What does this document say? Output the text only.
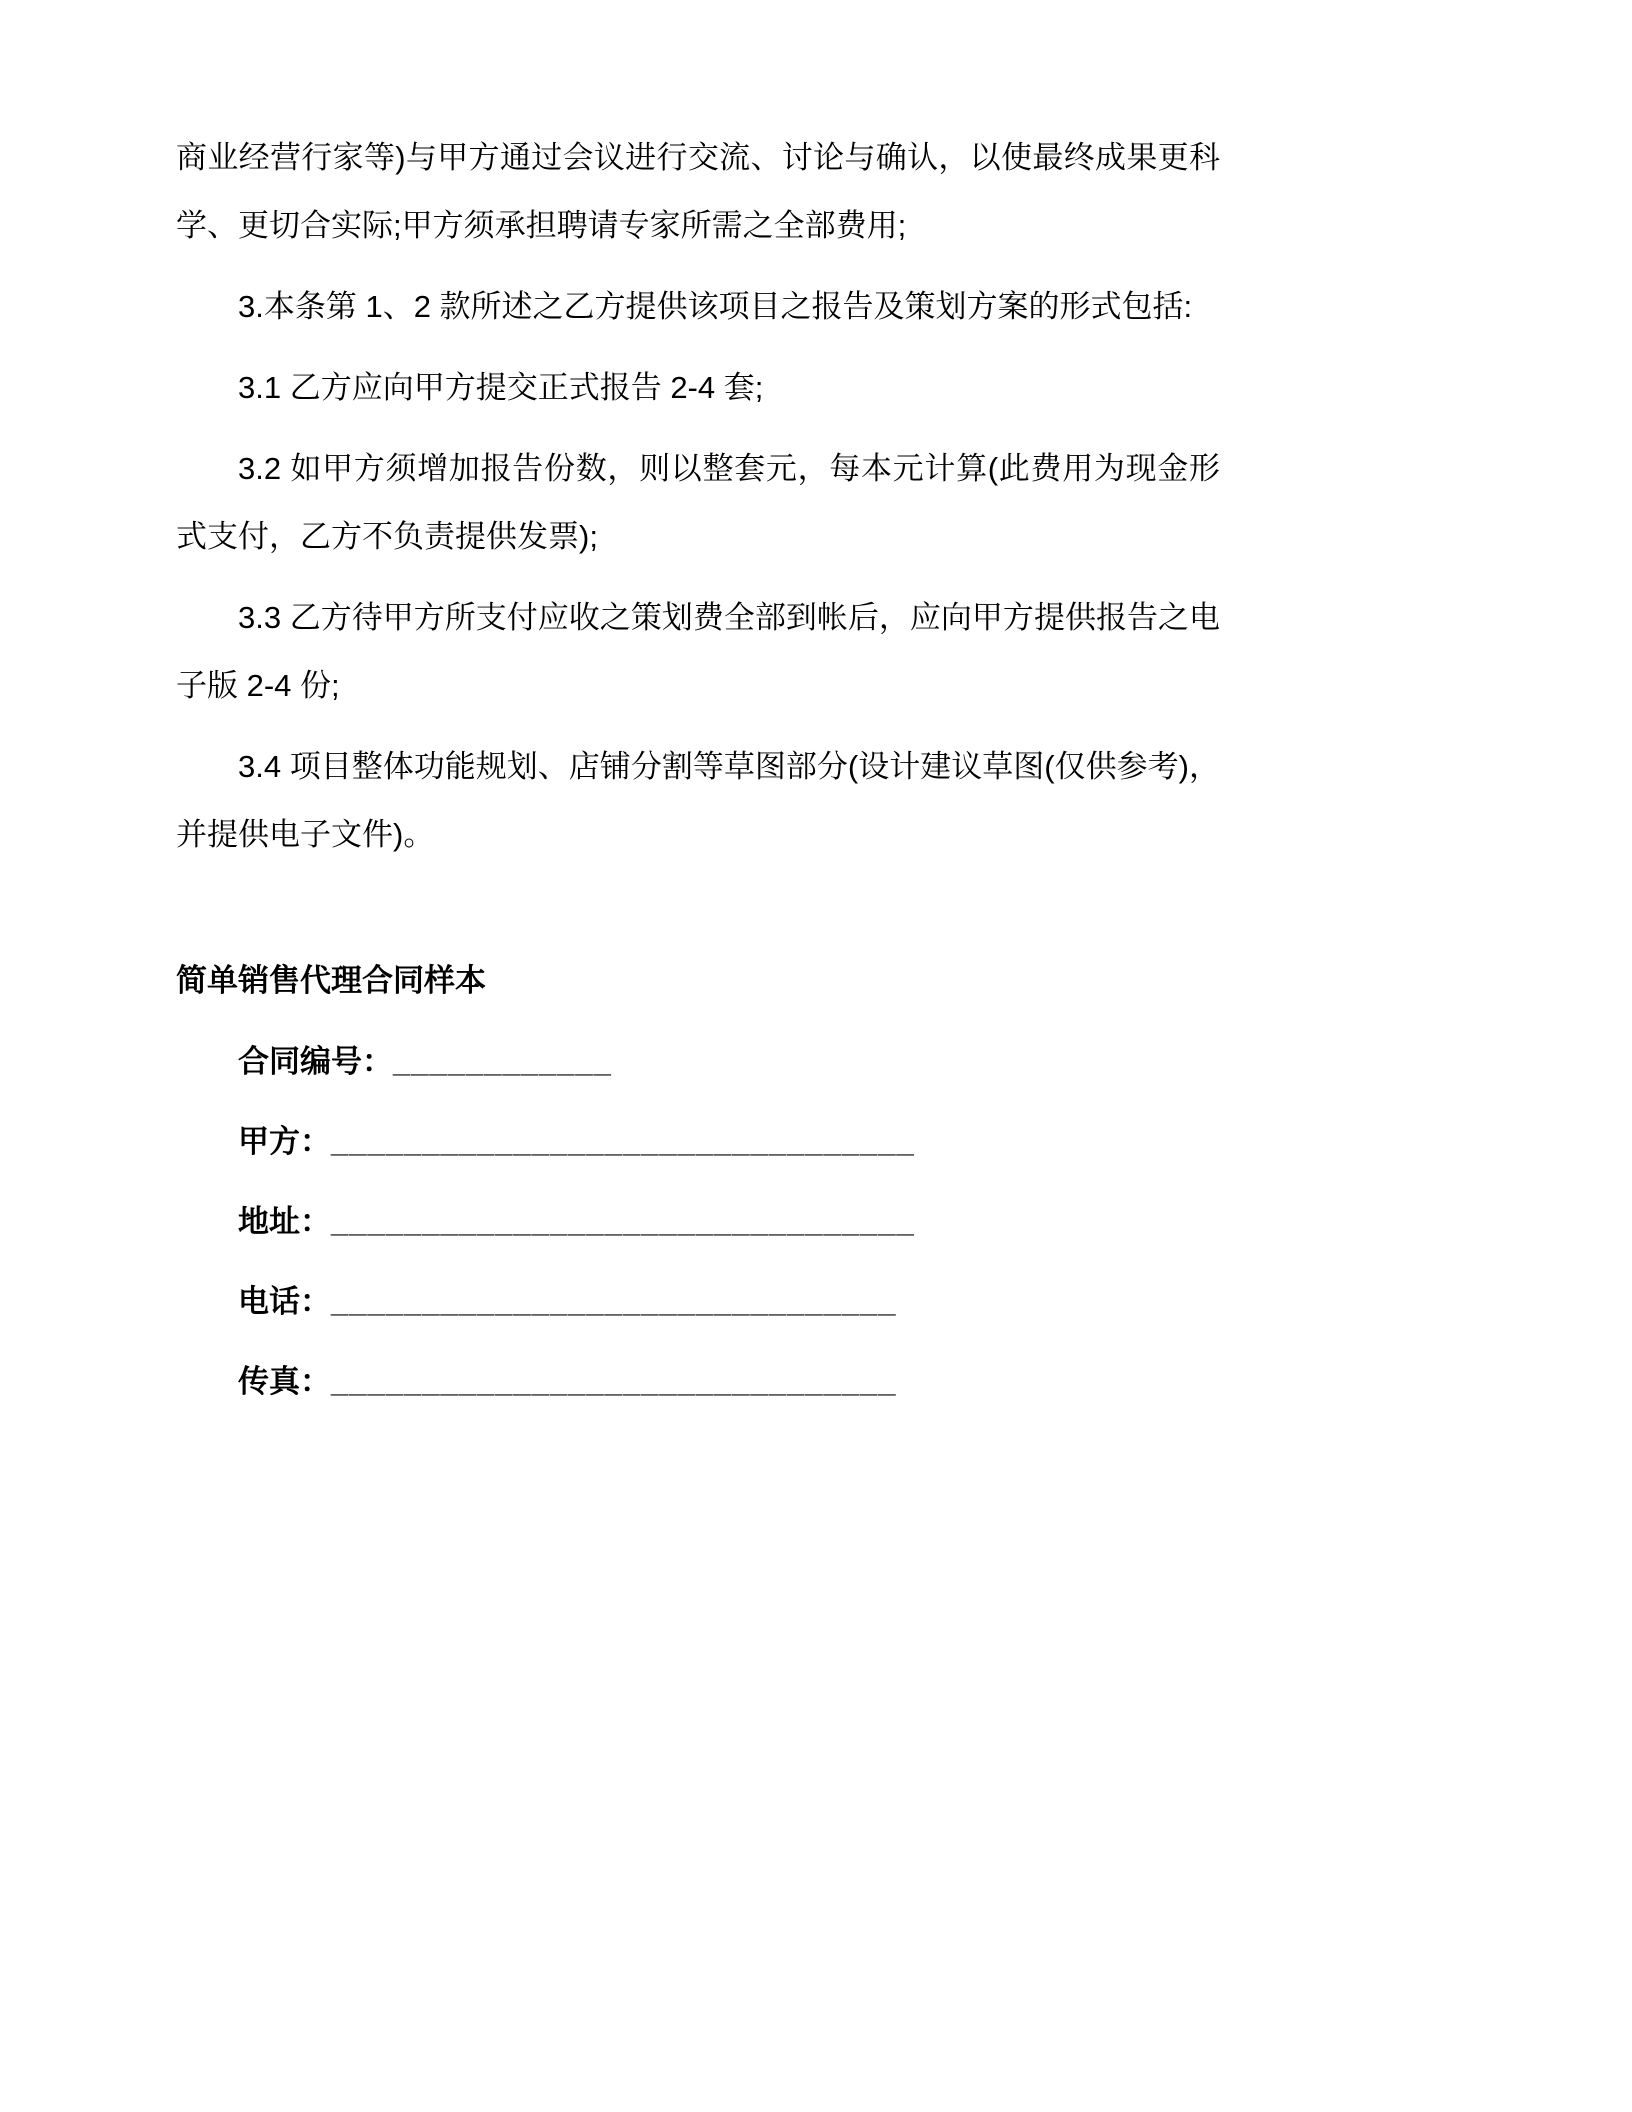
商业经营行家等)与甲方通过会议进行交流、讨论与确认，以使最终成果更科学、更切合实际;甲方须承担聘请专家所需之全部费用;

3.本条第 1、2 款所述之乙方提供该项目之报告及策划方案的形式包括:

3.1 乙方应向甲方提交正式报告 2-4 套;

3.2 如甲方须增加报告份数，则以整套元，每本元计算(此费用为现金形式支付，乙方不负责提供发票);

3.3 乙方待甲方所支付应收之策划费全部到帐后，应向甲方提供报告之电子版 2-4 份;

3.4 项目整体功能规划、店铺分割等草图部分(设计建议草图(仅供参考)，并提供电子文件)。

简单销售代理合同样本

合同编号：____________

甲方：________________________________

地址：________________________________

电话：_______________________________

传真：_______________________________
